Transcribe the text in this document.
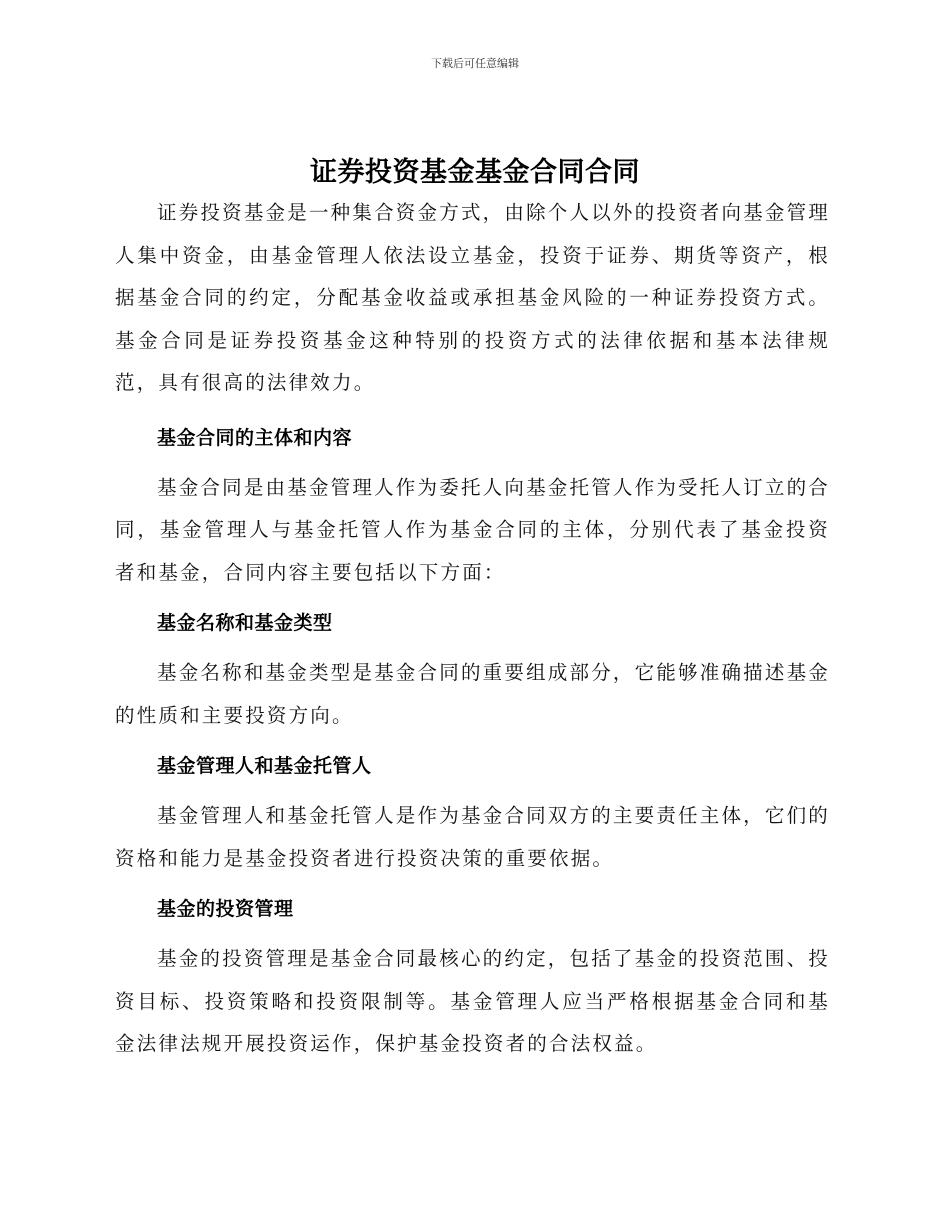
下载后可任意编辑
证券投资基金基金合同合同

证券投资基金是一种集合资金方式，由除个人以外的投资者向基金管理人集中资金，由基金管理人依法设立基金，投资于证券、期货等资产，根据基金合同的约定，分配基金收益或承担基金风险的一种证券投资方式。基金合同是证券投资基金这种特别的投资方式的法律依据和基本法律规范，具有很高的法律效力。

基金合同的主体和内容

基金合同是由基金管理人作为委托人向基金托管人作为受托人订立的合同，基金管理人与基金托管人作为基金合同的主体，分别代表了基金投资者和基金，合同内容主要包括以下方面：

基金名称和基金类型

基金名称和基金类型是基金合同的重要组成部分，它能够准确描述基金的性质和主要投资方向。

基金管理人和基金托管人

基金管理人和基金托管人是作为基金合同双方的主要责任主体，它们的资格和能力是基金投资者进行投资决策的重要依据。

基金的投资管理

基金的投资管理是基金合同最核心的约定，包括了基金的投资范围、投资目标、投资策略和投资限制等。基金管理人应当严格根据基金合同和基金法律法规开展投资运作，保护基金投资者的合法权益。
